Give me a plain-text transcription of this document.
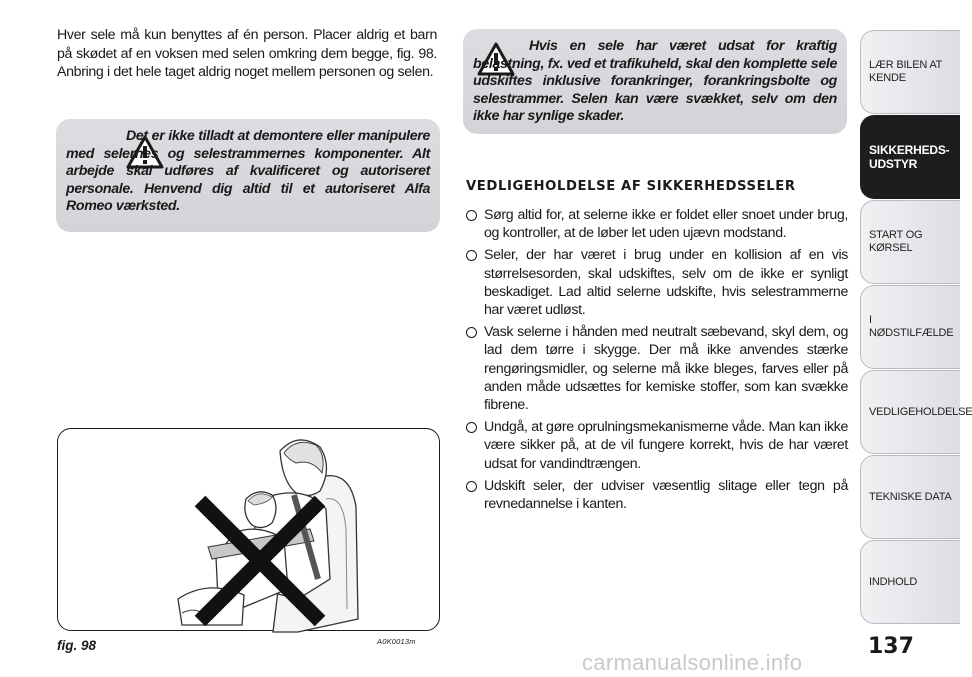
Hver sele må kun benyttes af én person. Placer aldrig et barn på skødet af en voksen med selen omkring dem begge, fig. 98. Anbring i det hele taget aldrig noget mellem personen og selen.
Det er ikke tilladt at demontere eller manipulere med selernes og selestrammernes komponenter. Alt arbejde skal udføres af kvalificeret og autoriseret personale. Henvend dig altid til et autoriseret Alfa Romeo værksted.
Hvis en sele har været udsat for kraftig belastning, fx. ved et trafikuheld, skal den komplette sele udskiftes inklusive forankringer, forankringsbolte og selestrammer. Selen kan være svækket, selv om den ikke har synlige skader.
VEDLIGEHOLDELSE AF SIKKERHEDSSELER
Sørg altid for, at selerne ikke er foldet eller snoet under brug, og kontroller, at de løber let uden ujævn modstand.
Seler, der har været i brug under en kollision af en vis størrelsesorden, skal udskiftes, selv om de ikke er synligt beskadiget. Lad altid selerne udskifte, hvis selestrammerne har været udløst.
Vask selerne i hånden med neutralt sæbevand, skyl dem, og lad dem tørre i skygge. Der må ikke anvendes stærke rengøringsmidler, og selerne må ikke bleges, farves eller på anden måde udsættes for kemiske stoffer, som kan svække fibrene.
Undgå, at gøre oprulningsmekanismerne våde. Man kan ikke være sikker på, at de vil fungere korrekt, hvis de har været udsat for vandindtrængen.
Udskift seler, der udviser væsentlig slitage eller tegn på revnedannelse i kanten.
fig. 98	A0K0013m
LÆR BILEN AT KENDE
SIKKERHEDS-UDSTYR
START OG KØRSEL
I NØDSTILFÆLDE
VEDLIGEHOLDELSE
TEKNISKE DATA
INDHOLD
137
carmanualsonline.info
